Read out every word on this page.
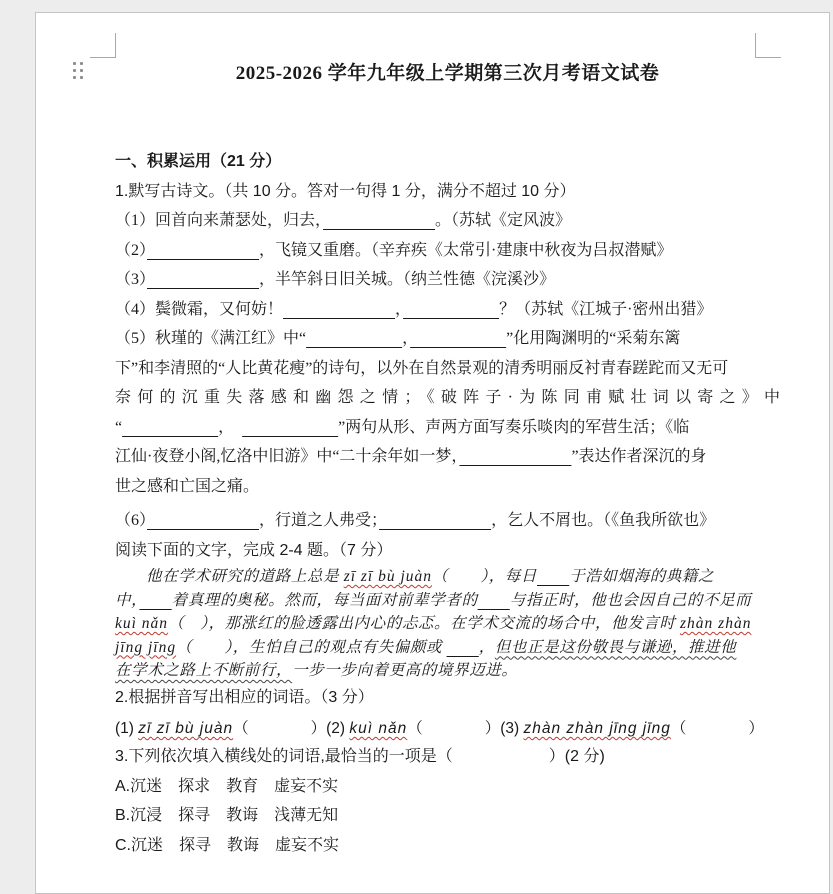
2025-2026 学年九年级上学期第三次月考语文试卷
一、积累运用（21 分）
1.默写古诗文。（共 10 分。答对一句得 1 分，满分不超过 10 分）
（1）回首向来萧瑟处，归去，　　　　　　　	。（苏轼《定风波》
（2）　　　　　　　	，飞镜又重磨。（辛弃疾《太常引·建康中秋夜为吕叔潜赋》
（3）　　　　　　　	，半竿斜日旧关城。（纳兰性德《浣溪沙》
（4）鬓微霜，又何妨！　　　　　　　	，　　　　　　	？（苏轼《江城子·密州出猎》
（5）秋瑾的《满江红》中“　　　　　　	，　　　　　　	”化用陶渊明的“采菊东篱
下”和李清照的“人比黄花瘦”的诗句，以外在自然景观的清秀明丽反衬青春蹉跎而又无可
奈何的沉重失落感和幽怨之情；《破阵子·为陈同甫赋壮词以寄之》中
“　　　　　　	，　　　　　　　	”两句从形、声两方面写奏乐啖肉的军营生活；《临
江仙·夜登小阁,忆洛中旧游》中“二十余年如一梦，　　　　　　　	”表达作者深沉的身
世之感和亡国之痛。
（6）　　　　　　　	，行道之人弗受；　　　　　　　	，乞人不屑也。（《鱼我所欲也》
阅读下面的文字，完成 2-4 题。（7 分）
他在学术研究的道路上总是 zī zī bù juàn（　　），每日　　 于浩如烟海的典籍之
中，　　 着真理的奥秘。然而，每当面对前辈学者的　　 与指正时，他也会因自己的不足而
kuì nǎn（　），那涨红的脸透露出内心的忐忑。在学术交流的场合中，他发言时 zhàn zhàn
jīng jīng（　　），生怕自己的观点有失偏颇或 　　，但也正是这份敬畏与谦逊，推进他
在学术之路上不断前行，一步一步向着更高的境界迈进。
2.根据拼音写出相应的词语。（3 分）
(1) zī zī bù juàn（　　　　）(2) kuì nǎn（　　　　）(3) zhàn zhàn jīng jīng（　　　　）
3.下列依次填入横线处的词语,最恰当的一项是（　　　　　　）(2 分)
A.沉迷　探求　教育　虚妄不实
B.沉浸　探寻　教诲　浅薄无知
C.沉迷　探寻　教诲　虚妄不实
